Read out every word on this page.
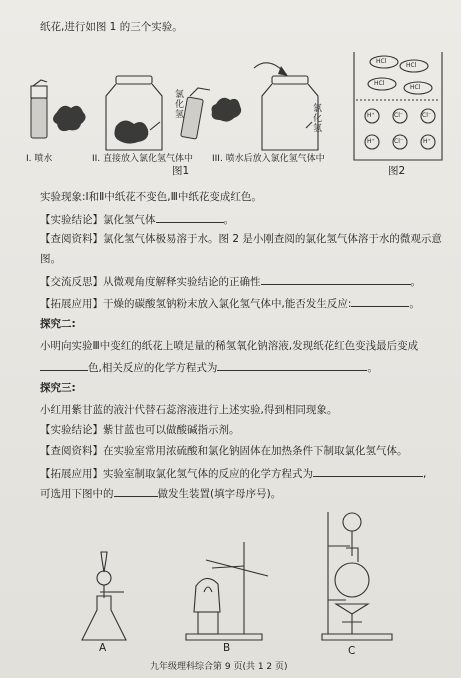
纸花,进行如图 1 的三个实验。
氯化氢
氯化氢
I. 喷水	II. 直接放入氯化氢气体中 III. 喷水后放入氯化氢气体中
图1
HCl
HCl
HCl
HCl
H⁺	Cl⁻	Cl⁻
H⁺	Cl⁻	H⁺
图2
实验现象:Ⅰ和Ⅱ中纸花不变色,Ⅲ中纸花变成红色。
【实验结论】氯化氢气体	。
【查阅资料】氯化氢气体极易溶于水。图 2 是小刚查阅的氯化氢气体溶于水的微观示意
图。
【交流反思】从微观角度解释实验结论的正确性	。
【拓展应用】干燥的碳酸氢钠粉末放入氯化氢气体中,能否发生反应:	。
探究二:
小明向实验Ⅲ中变红的纸花上喷足量的稀氢氧化钠溶液,发现纸花红色变浅最后变成
色,相关反应的化学方程式为	。
探究三:
小红用紫甘蓝的液汁代替石蕊溶液进行上述实验,得到相同现象。
【实验结论】紫甘蓝也可以做酸碱指示剂。
【查阅资料】在实验室常用浓硫酸和氯化钠固体在加热条件下制取氯化氢气体。
【拓展应用】实验室制取氯化氢气体的反应的化学方程式为	,
可选用下图中的	做发生装置(填字母序号)。
A	B	C
九年级理科综合第 9 页(共 1 2 页)
